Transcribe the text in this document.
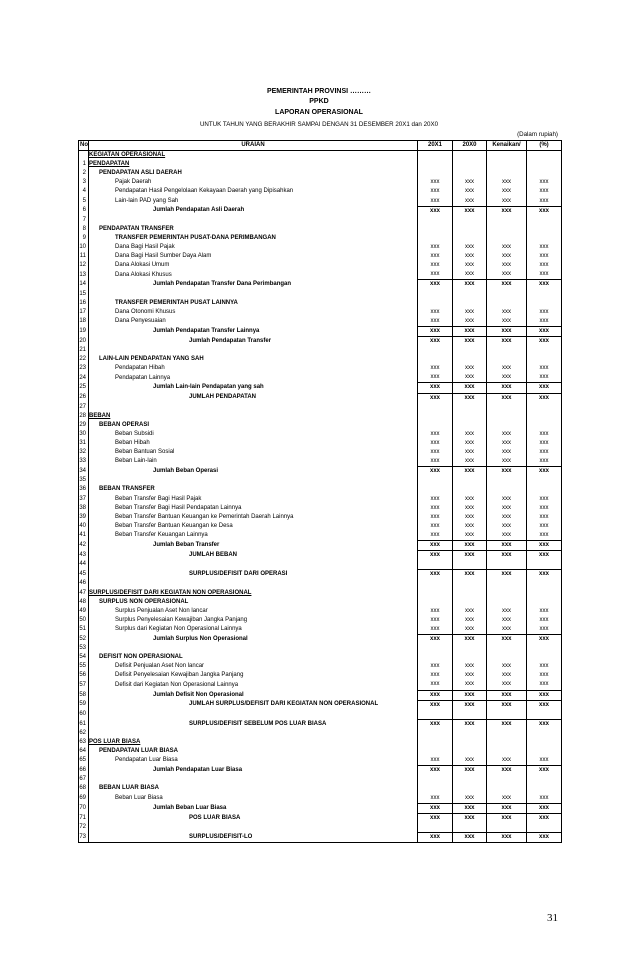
PEMERINTAH PROVINSI ………
PPKD
LAPORAN OPERASIONAL
UNTUK TAHUN YANG BERAKHIR SAMPAI DENGAN 31 DESEMBER 20X1 dan 20X0
(Dalam rupiah)
No	URAIAN	20X1	20X0	Kenaikan/	(%)
	KEGIATAN OPERASIONAL				
1	PENDAPATAN				
2	PENDAPATAN ASLI DAERAH				
3	Pajak Daerah	xxx	xxx	xxx	xxx
4	Pendapatan Hasil Pengelolaan Kekayaan Daerah yang Dipisahkan	xxx	xxx	xxx	xxx
5	Lain-lain PAD yang Sah	xxx	xxx	xxx	xxx
6	Jumlah Pendapatan Asli Daerah	xxx	xxx	xxx	xxx
7					
8	PENDAPATAN TRANSFER				
9	TRANSFER PEMERINTAH PUSAT-DANA PERIMBANGAN				
10	Dana Bagi Hasil Pajak	xxx	xxx	xxx	xxx
11	Dana Bagi Hasil Sumber Daya Alam	xxx	xxx	xxx	xxx
12	Dana Alokasi Umum	xxx	xxx	xxx	xxx
13	Dana Alokasi Khusus	xxx	xxx	xxx	xxx
14	Jumlah Pendapatan Transfer Dana Perimbangan	xxx	xxx	xxx	xxx
15					
16	TRANSFER PEMERINTAH PUSAT LAINNYA				
17	Dana Otonomi Khusus	xxx	xxx	xxx	xxx
18	Dana Penyesuaian	xxx	xxx	xxx	xxx
19	Jumlah Pendapatan Transfer Lainnya	xxx	xxx	xxx	xxx
20	Jumlah Pendapatan Transfer	xxx	xxx	xxx	xxx
21					
22	LAIN-LAIN PENDAPATAN YANG SAH				
23	Pendapatan Hibah	xxx	xxx	xxx	xxx
24	Pendapatan Lainnya	xxx	xxx	xxx	xxx
25	Jumlah Lain-lain Pendapatan yang sah	xxx	xxx	xxx	xxx
26	JUMLAH PENDAPATAN	xxx	xxx	xxx	xxx
27					
28	BEBAN				
29	BEBAN OPERASI				
30	Beban Subsidi	xxx	xxx	xxx	xxx
31	Beban Hibah	xxx	xxx	xxx	xxx
32	Beban Bantuan Sosial	xxx	xxx	xxx	xxx
33	Beban Lain-lain	xxx	xxx	xxx	xxx
34	Jumlah Beban Operasi	xxx	xxx	xxx	xxx
35					
36	BEBAN TRANSFER				
37	Beban Transfer Bagi Hasil Pajak	xxx	xxx	xxx	xxx
38	Beban Transfer Bagi Hasil Pendapatan Lainnya	xxx	xxx	xxx	xxx
39	Beban Transfer Bantuan Keuangan ke Pemerintah Daerah Lainnya	xxx	xxx	xxx	xxx
40	Beban Transfer Bantuan Keuangan ke Desa	xxx	xxx	xxx	xxx
41	Beban Transfer Keuangan Lainnya	xxx	xxx	xxx	xxx
42	Jumlah Beban Transfer	xxx	xxx	xxx	xxx
43	JUMLAH BEBAN	xxx	xxx	xxx	xxx
44					
45	SURPLUS/DEFISIT DARI OPERASI	xxx	xxx	xxx	xxx
46					
47	SURPLUS/DEFISIT DARI KEGIATAN NON OPERASIONAL				
48	SURPLUS NON OPERASIONAL				
49	Surplus Penjualan Aset Non lancar	xxx	xxx	xxx	xxx
50	Surplus Penyelesaian Kewajiban Jangka Panjang	xxx	xxx	xxx	xxx
51	Surplus dari Kegiatan Non Operasional Lainnya	xxx	xxx	xxx	xxx
52	Jumlah Surplus Non Operasional	xxx	xxx	xxx	xxx
53					
54	DEFISIT NON OPERASIONAL				
55	Defisit Penjualan Aset Non lancar	xxx	xxx	xxx	xxx
56	Defisit Penyelesaian Kewajiban Jangka Panjang	xxx	xxx	xxx	xxx
57	Defisit dari Kegiatan Non Operasional Lainnya	xxx	xxx	xxx	xxx
58	Jumlah Defisit Non Operasional	xxx	xxx	xxx	xxx
59	JUMLAH SURPLUS/DEFISIT DARI KEGIATAN NON OPERASIONAL	xxx	xxx	xxx	xxx
60					
61	SURPLUS/DEFISIT SEBELUM POS LUAR BIASA	xxx	xxx	xxx	xxx
62					
63	POS LUAR BIASA				
64	PENDAPATAN LUAR BIASA				
65	Pendapatan Luar Biasa	xxx	xxx	xxx	xxx
66	Jumlah Pendapatan Luar Biasa	xxx	xxx	xxx	xxx
67					
68	BEBAN LUAR BIASA				
69	Beban Luar Biasa	xxx	xxx	xxx	xxx
70	Jumlah Beban Luar Biasa	xxx	xxx	xxx	xxx
71	POS LUAR BIASA	xxx	xxx	xxx	xxx
72					
73	SURPLUS/DEFISIT-LO	xxx	xxx	xxx	xxx
31
